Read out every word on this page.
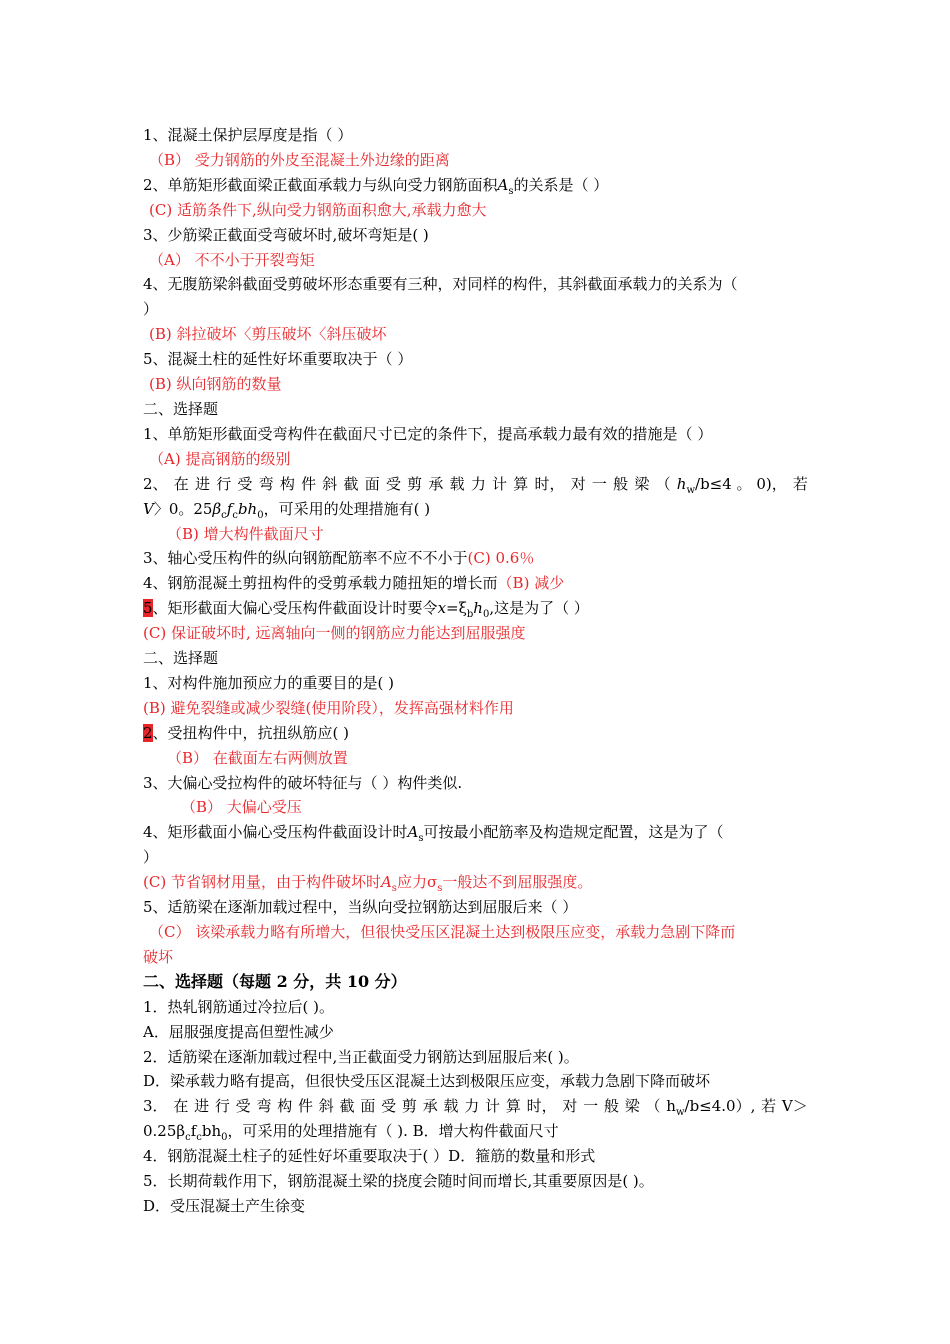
1、混凝土保护层厚度是指（ ）
（B） 受力钢筋的外皮至混凝土外边缘的距离
2、单筋矩形截面梁正截面承载力与纵向受力钢筋面积$A_s$的关系是（ ）
(C) 适筋条件下,纵向受力钢筋面积愈大,承载力愈大
3、少筋梁正截面受弯破坏时,破坏弯矩是( )
（A） 不不小于开裂弯矩
4、无腹筋梁斜截面受剪破坏形态重要有三种，对同样的构件，其斜截面承载力的关系为（
）
(B) 斜拉破坏〈剪压破坏〈斜压破坏
5、混凝土柱的延性好坏重要取决于（ ）
(B) 纵向钢筋的数量
二、选择题
1、单筋矩形截面受弯构件在截面尺寸已定的条件下，提高承载力最有效的措施是（ ）
（A) 提高钢筋的级别
2、 在 进 行 受 弯 构 件 斜 截 面 受 剪 承 载 力 计 算 时， 对 一 般 梁 （ $h_w/b\le 4$ 。 0)， 若
V〉0。$25\beta_cf_cbh_0$，可采用的处理措施有( )
（B) 增大构件截面尺寸
3、轴心受压构件的纵向钢筋配筋率不应不不小于(C) 0.6％
4、钢筋混凝土剪扭构件的受剪承载力随扭矩的增长而（B) 减少
5、矩形截面大偏心受压构件截面设计时要令$x=\xi_bh_0$,这是为了（ ）
(C) 保证破坏时, 远离轴向一侧的钢筋应力能达到屈服强度
二、选择题
1、对构件施加预应力的重要目的是( )
(B) 避免裂缝或减少裂缝(使用阶段），发挥高强材料作用
2、受扭构件中，抗扭纵筋应( )
（B） 在截面左右两侧放置
3、大偏心受拉构件的破坏特征与（ ）构件类似.
（B） 大偏心受压
4、矩形截面小偏心受压构件截面设计时$A_s$可按最小配筋率及构造规定配置，这是为了（
）
(C) 节省钢材用量，由于构件破坏时$A_s$应力$\sigma_s$一般达不到屈服强度。
5、适筋梁在逐渐加载过程中，当纵向受拉钢筋达到屈服后来（ ）
（C） 该梁承载力略有所增大，但很快受压区混凝土达到极限压应变，承载力急剧下降而
破坏
二、选择题（每题 2 分，共 10 分）
1．热轧钢筋通过冷拉后( )。
A．屈服强度提高但塑性减少
2．适筋梁在逐渐加载过程中,当正截面受力钢筋达到屈服后来( )。
D．梁承载力略有提高，但很快受压区混凝土达到极限压应变，承载力急剧下降而破坏
3． 在 进 行 受 弯 构 件 斜 截 面 受 剪 承 载 力 计 算 时， 对 一 般 梁 （ $h_w/b\le 4.0$）, 若 V＞
$0.25\beta_cf_cbh_0$，可采用的处理措施有（ ). B．增大构件截面尺寸
4．钢筋混凝土柱子的延性好坏重要取决于( ）D．箍筋的数量和形式
5．长期荷载作用下，钢筋混凝土梁的挠度会随时间而增长,其重要原因是( )。
D．受压混凝土产生徐变
